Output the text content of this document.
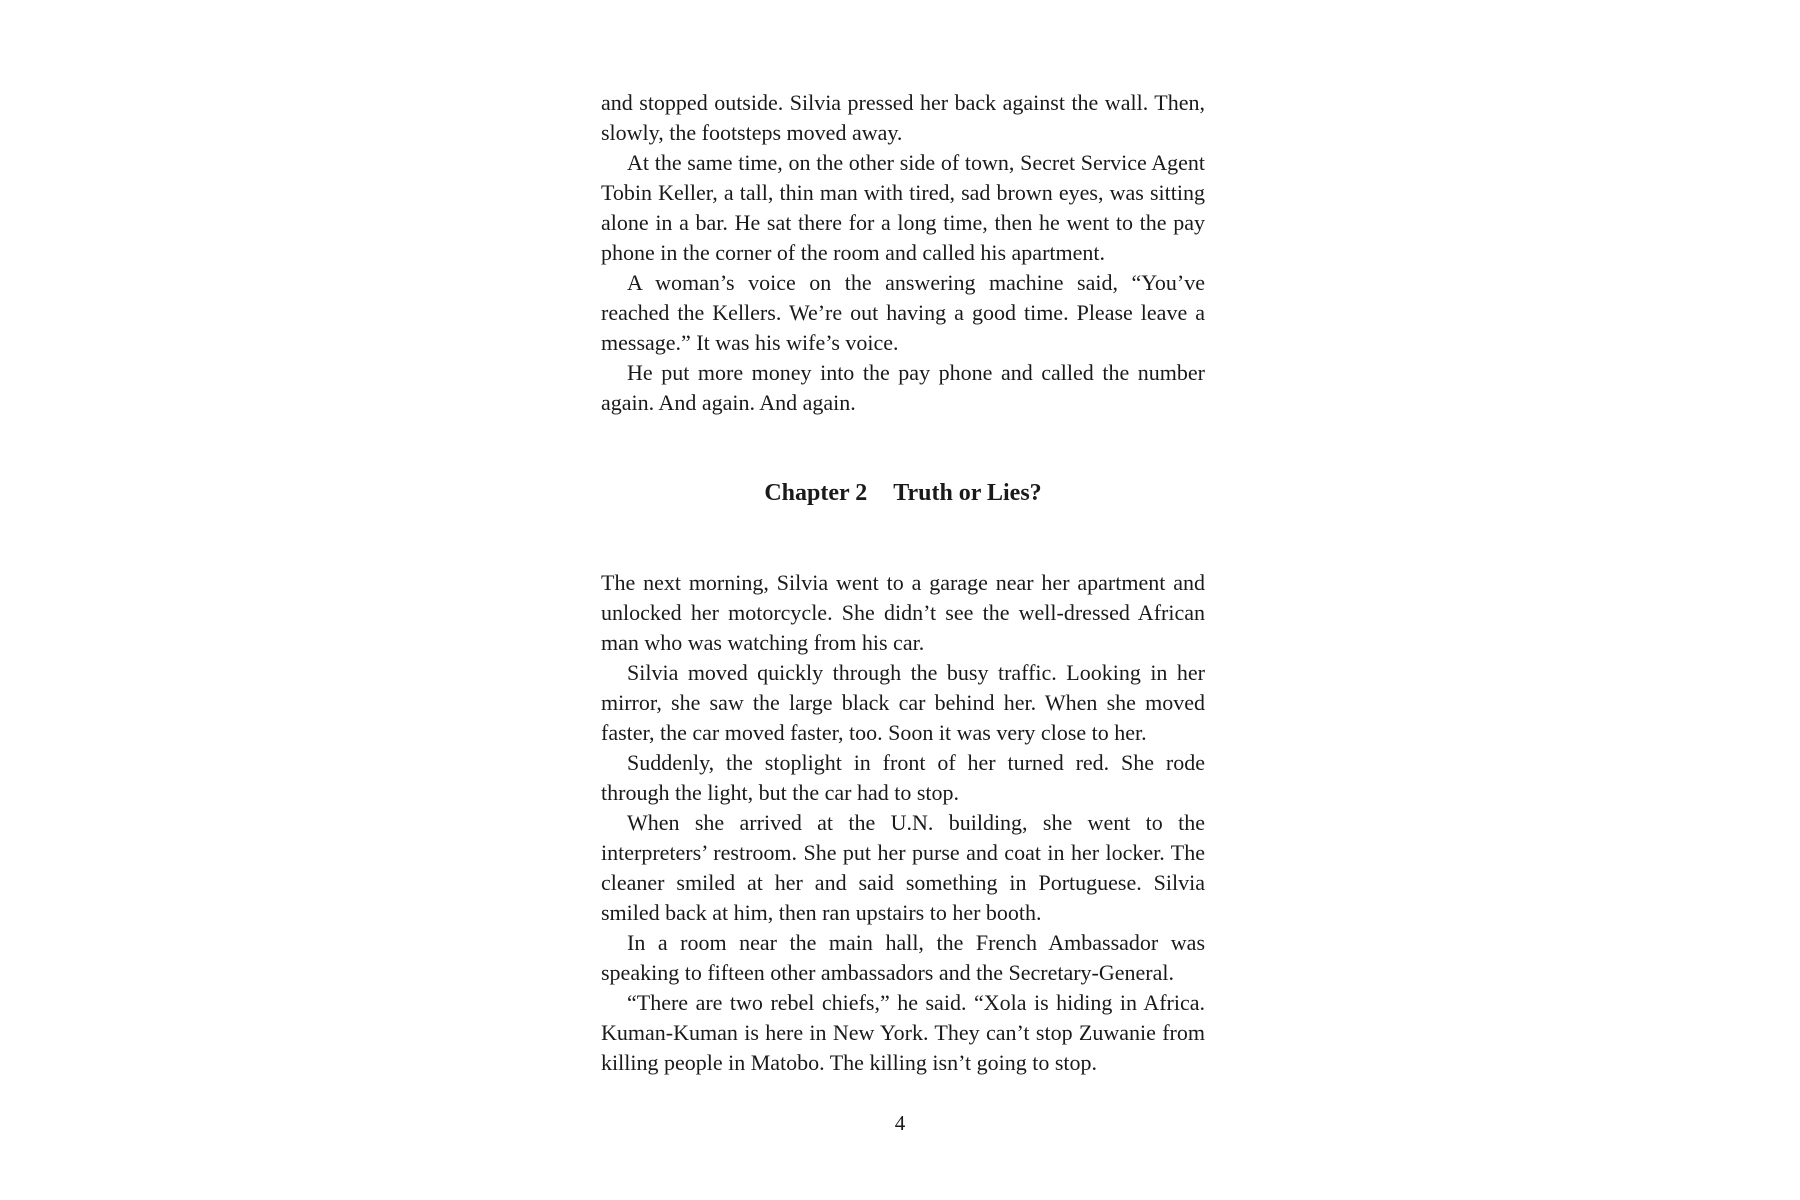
and stopped outside. Silvia pressed her back against the wall. Then, slowly, the footsteps moved away.

At the same time, on the other side of town, Secret Service Agent Tobin Keller, a tall, thin man with tired, sad brown eyes, was sitting alone in a bar. He sat there for a long time, then he went to the pay phone in the corner of the room and called his apartment.

A woman’s voice on the answering machine said, “You’ve reached the Kellers. We’re out having a good time. Please leave a message.” It was his wife’s voice.

He put more money into the pay phone and called the number again. And again. And again.

Chapter 2 Truth or Lies?

The next morning, Silvia went to a garage near her apartment and unlocked her motorcycle. She didn’t see the well-dressed African man who was watching from his car.

Silvia moved quickly through the busy traffic. Looking in her mirror, she saw the large black car behind her. When she moved faster, the car moved faster, too. Soon it was very close to her.

Suddenly, the stoplight in front of her turned red. She rode through the light, but the car had to stop.

When she arrived at the U.N. building, she went to the interpreters’ restroom. She put her purse and coat in her locker. The cleaner smiled at her and said something in Portuguese. Silvia smiled back at him, then ran upstairs to her booth.

In a room near the main hall, the French Ambassador was speaking to fifteen other ambassadors and the Secretary-General.

“There are two rebel chiefs,” he said. “Xola is hiding in Africa. Kuman-Kuman is here in New York. They can’t stop Zuwanie from killing people in Matobo. The killing isn’t going to stop.

4
